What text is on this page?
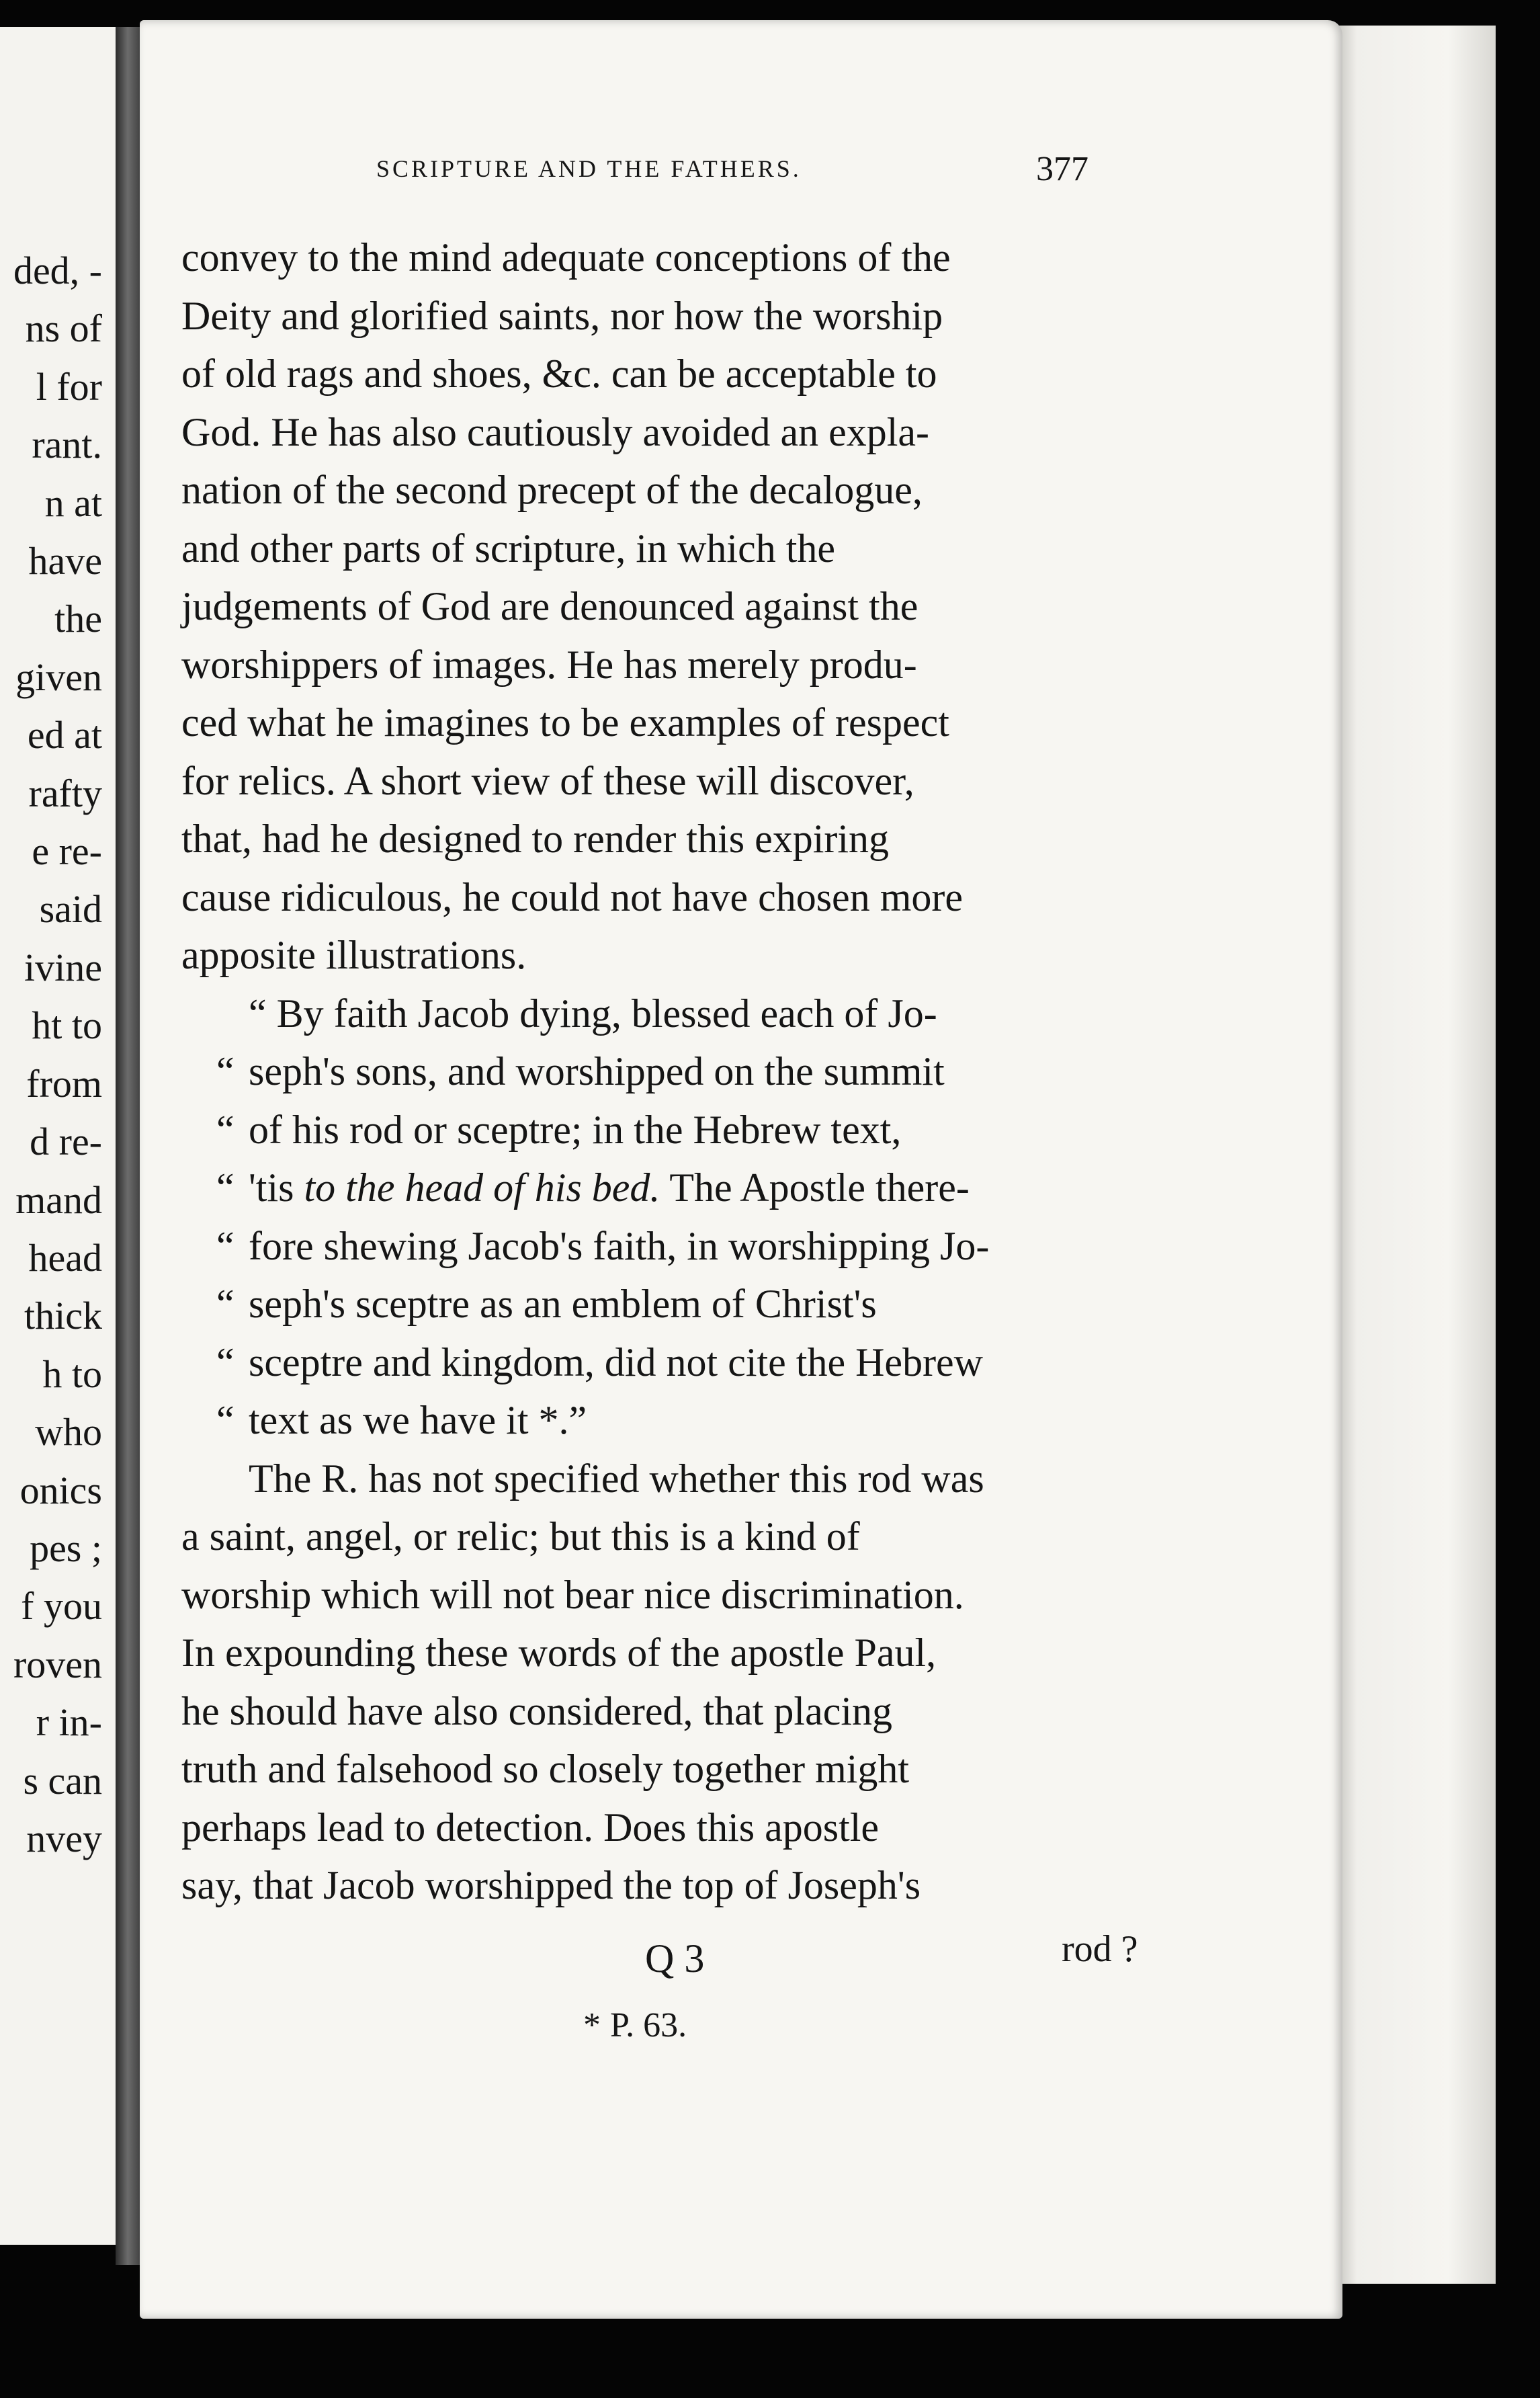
ded, -
ns of
l for
rant.
n at
have
the
given
ed at
rafty
e re-
said
ivine
ht to
from
d re-
mand
head
thick
h to
who
onics
pes ;
f you
roven
r in-
s can
nvey
SCRIPTURE AND THE FATHERS.	377
convey to the mind adequate conceptions of the
Deity and glorified saints, nor how the worship
of old rags and shoes, &c. can be acceptable to
God. He has also cautiously avoided an expla-
nation of the second precept of the decalogue,
and other parts of scripture, in which the
judgements of God are denounced against the
worshippers of images. He has merely produ-
ced what he imagines to be examples of respect
for relics. A short view of these will discover,
that, had he designed to render this expiring
cause ridiculous, he could not have chosen more
apposite illustrations.
“ By faith Jacob dying, blessed each of Jo-
“ seph's sons, and worshipped on the summit
“ of his rod or sceptre; in the Hebrew text,
“ 'tis to the head of his bed. The Apostle there-
“ fore shewing Jacob's faith, in worshipping Jo-
“ seph's sceptre as an emblem of Christ's
“ sceptre and kingdom, did not cite the Hebrew
“ text as we have it *.”
The R. has not specified whether this rod was
a saint, angel, or relic; but this is a kind of
worship which will not bear nice discrimination.
In expounding these words of the apostle Paul,
he should have also considered, that placing
truth and falsehood so closely together might
perhaps lead to detection. Does this apostle
say, that Jacob worshipped the top of Joseph's
Q 3	rod ?
* P. 63.
